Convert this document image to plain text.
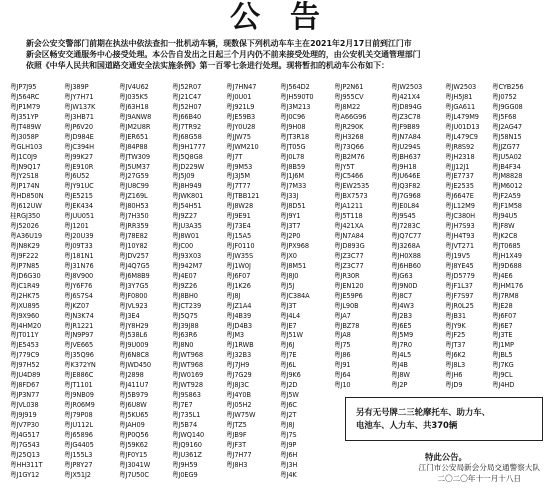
公告
新会公安交警部门前期在执法中依法查扣一批机动车辆，现数保下列机动车车主在2021年2月17日前到江门市
新会区畅安交通服务中心接受处理。本公告自发出之日起三个月内仍不前来接受处理的，由公安机关交通管理部门
依照《中华人民共和国道路交通安全法实施条例》第一百零七条进行处理。现将暂扣的机动车公布如下：
粤JP7J95
粤J564RC
粤JP1M79
粤J351YP
粤JT489W
粤J3058P
粤GLH103
粤J1C0J9
粤JN9Q17
粤JY2S18
粤JP174N
粤HD850N
粤J612UW
桂RGJ350
粤J52026
粤A36U19
粤JN8K29
粤J9F222
粤JP7N85
粤JD6G30
粤JC1R49
粤J2HK75
粤JXU895
粤J9X960
粤J4HM20
粤JT011Y
粤JE5453
粤J779C9
粤J97H52
粤JU4D89
粤J8FD67
粤JP3N77
粤JVL038
粤J9J919
粤JV7P30
粤J4G517
粤J7G543
粤J25Q13
粤HH311T
粤J1GY12
粤J389P
粤JY7H71
粤JW137K
粤J3HB71
粤JP6V20
粤JD984E
粤JC394H
粤J99K27
粤JE910R
粤J6U52
粤JY91UC
粤JE5215
粤JEK434
粤JUU051
粤J1201
粤J20U39
粤J09T33
粤J181N1
粤J31N76
粤J8V900
粤JY6F76
粤J6S7S4
粤JKZ07
粤JN3K74
粤JR1221
粤JN9P97
粤JVE665
粤J35Q96
粤K372YN
粤JE886C
粤JT1101
粤J9NB09
粤JR06M9
粤J79P08
粤JU112L
粤J65896
粤JG4405
粤J155L3
粤JP8Y27
粤JX51J2
粤JV4U62
粤J035K5
粤J63H18
粤J9ANW8
粤JM2U8R
粤JER651
粤J84P88
粤JTW309
粤J5UM37
粤J27G59
粤JU8C99
粤JZ169L
粤J80H53
粤J7H350
粤JRR359
粤J78E82
粤J10Y82
粤JDV257
粤J4Q7G5
粤J6M8B9
粤J3Y7G5
粤JF0800
粤JVL923
粤J3E4
粤JY8H29
粤J538L6
粤J9U009
粤J6N8C8
粤JWD450
粤J2898
粤J411U7
粤J5B979
粤J6U8W
粤J5KU65
粤JAH09
粤JP0Q56
粤J59K62
粤JF0Y15
粤J3041W
粤J7U50C
粤J52R07
粤J21C47
粤J52H07
粤J66B40
粤J7TR92
粤J68G58
粤J9H1777
粤J5Q8G8
粤JD229W
粤J5J09
粤J8H949
粤JWK801
粤J54H51
粤J9Z27
粤JU3A35
粤J8W01
粤JC00
粤J93X03
粤J942M7
粤J4E07
粤J9Z26
粤J8BH0
粤JCT239
粤J5Q75
粤J39J88
粤J63R6
粤J8N0
粤JWT968
粤JWT968
粤JW0169
粤JWT928
粤J9S863
粤J7E7
粤J735L1
粤J5B74
粤JWQ140
粤JQ9160
粤JU361Z
粤J9H59
粤J0EG9
粤J7HN47
粤J0U01
粤J921L9
粤JE59B3
粤JY0U28
粤JJW75
粤JWM210
粤J7T
粤J9M53
粤J3J5M
粤J7T77
粤JTBB121
粤J8W28
粤J9E91
粤J73E4
粤J15A5
粤JF0110
粤JW35S
粤J1W0J
粤J6F07
粤J1K26
粤J8J
粤JZ1A4
粤J4B39
粤JD4B3
粤JM3
粤J1RWB
粤J32B3
粤J7JH9
粤J7G29
粤J8J3C
粤J4Y0B
粤J05H2
粤JW75W
粤JTZ5
粤JB9F
粤JF3T
粤J7H77
粤J8H3
粤J564D2
粤JH590T0
粤J3M213
粤J0C96
粤J9H08
粤JT3R18
粤JT05G
粤J0L78
粤J8B59
粤J1J6M
粤J7M33
粤J33J
粤J8D51
粤J9Y1
粤J3T7
粤J2P0
粤JPX968
粤JX0
粤J8M51
粤J8J0
粤J5J
粤JC384A
粤J3T
粤J4L4
粤JE7
粤J51W
粤J6J
粤J7E
粤J6L
粤J9K6
粤J2D
粤J5W
粤J6C
粤J2T
粤J8J
粤J7S
粤J9P
粤J6H
粤J3H
粤J4K
粤JP2N61
粤J955CV
粤J8M22
粤A66G96
粤JR290K
粤JH3268
粤J73Q66
粤JB2M76
粤JY5T
粤JC5466
粤JEW2535
粤JBX7573
粤JA1211
粤J5T118
粤J421XA
粤JN7A84
粤JD893G
粤JZ3C77
粤JZ3C77
粤JR30R
粤JEN120
粤JE59P6
粤JL90B
粤JA7
粤JBZ78
粤JA8
粤J75
粤J86
粤J91
粤J64
粤J10
粤JW2503
粤J421X4
粤JD894G
粤JZ3C78
粤JF9B89
粤JN7A84
粤JU294S
粤JBH637
粤J9H18
粤JU646E
粤JQ3F82
粤J7G968
粤JE0L84
粤J9S45
粤J7283C
粤JQ7C77
粤J3268A
粤JH0X88
粤J6HB60
粤JG63
粤J9N0D
粤J8C7
粤J4W3
粤J2B3
粤J6E5
粤J5M9
粤J7R0
粤J4L5
粤J4B
粤J8W
粤J2P
粤JW2503
粤JH5J81
粤JGA611
粤JL479M9
粤JU01D13
粤JL479C9
粤JR8S92
粤JH2318
粤JJ12J1
粤JE7737
粤JE2535
粤J6647E
粤JL12M9
粤JC380H
粤JH7S93
粤JH4T93
粤JVT271
粤J19V5
粤J8YE45
粤JD5779
粤JF1L37
粤JF7S97
粤JR0L25
粤JB31
粤JY9K
粤JF25
粤JT37
粤J6K2
粤J8L3
粤JH6
粤JD9
粤CYB256
粤J0752
粤J9GG08
粤J5F68
粤J2AG47
粤J58N15
粤JJZG77
粤JU5A02
粤JB4F34
粤JM8828
粤JM6012
粤JF2A59
粤JF1M58
粤J94U5
粤JF8W
粤JK2C8
粤JT0685
粤JH1X49
粤J9D688
粤J4E6
粤JHM176
粤J7RM8
粤JE28
粤J6F07
粤J6E7
粤J3TE
粤J1MP
粤JBL5
粤J7KG
粤J9CL
粤J4HD
另有无号牌二三轮摩托车、助力车、
电池车、人力车、共370辆
特此公告。
江门市公安局新会分局交通警察大队
二〇二〇年十一月十八日
